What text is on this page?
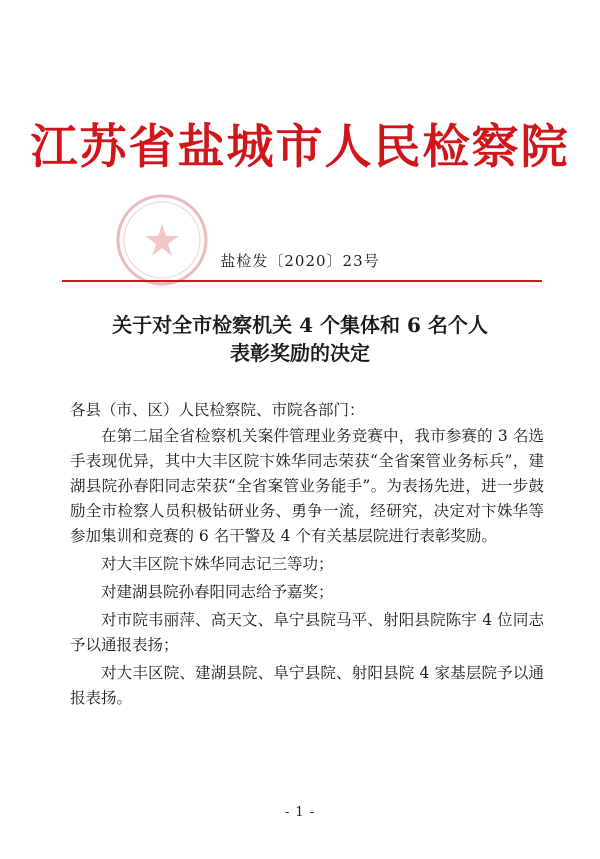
江苏省盐城市人民检察院
盐检发〔2020〕23号
关于对全市检察机关 4 个集体和 6 名个人
表彰奖励的决定

各县（市、区）人民检察院、市院各部门：

在第二届全省检察机关案件管理业务竞赛中，我市参赛的 3 名选手表现优异，其中大丰区院卞姝华同志荣获“全省案管业务标兵”，建湖县院孙春阳同志荣获“全省案管业务能手”。为表扬先进，进一步鼓励全市检察人员积极钻研业务、勇争一流，经研究，决定对卞姝华等参加集训和竞赛的 6 名干警及 4 个有关基层院进行表彰奖励。

对大丰区院卞姝华同志记三等功；

对建湖县院孙春阳同志给予嘉奖；

对市院韦丽萍、高天文、阜宁县院马平、射阳县院陈宇 4 位同志予以通报表扬；

对大丰区院、建湖县院、阜宁县院、射阳县院 4 家基层院予以通报表扬。

- 1 -
